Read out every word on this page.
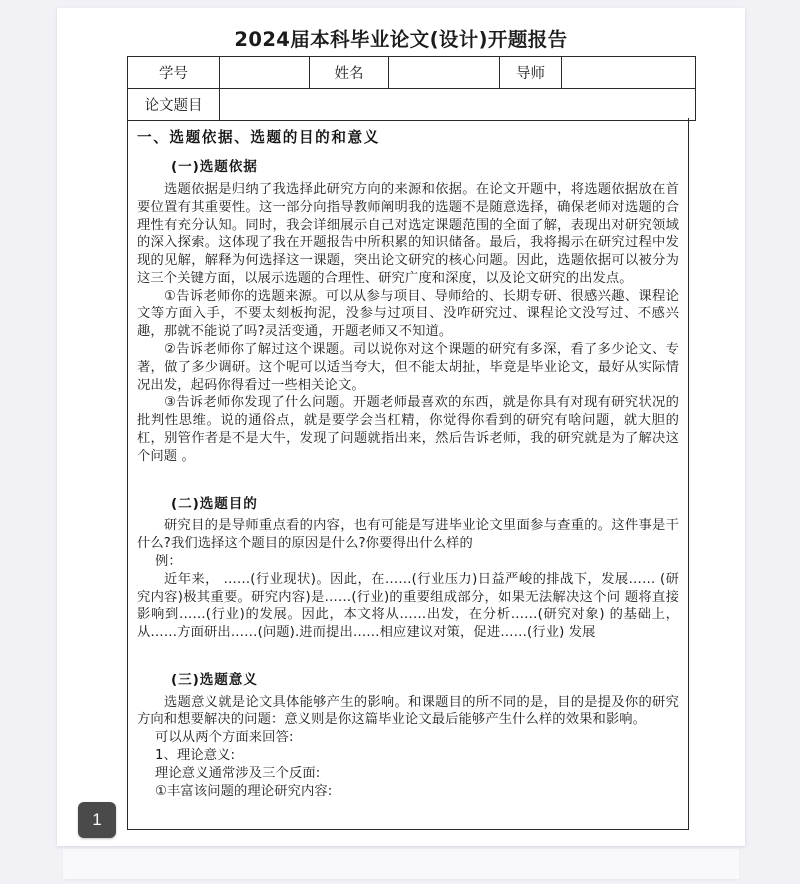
2024届本科毕业论文(设计)开题报告
学号		姓名		导师	
论文题目					
一、选题依据、选题的目的和意义
(一)选题依据

选题依据是归纳了我选择此研究方向的来源和依据。在论文开题中，将选题依据放在首要位置有其重要性。这一部分向指导教师阐明我的选题不是随意选择，确保老师对选题的合理性有充分认知。同时，我会详细展示自己对选定课题范围的全面了解，表现出对研究领域的深入探索。这体现了我在开题报告中所积累的知识储备。最后，我将揭示在研究过程中发现的见解，解释为何选择这一课题，突出论文研究的核心问题。因此，选题依据可以被分为这三个关键方面，以展示选题的合理性、研究广度和深度，以及论文研究的出发点。

①告诉老师你的选题来源。可以从参与项目、导师给的、长期专研、很感兴趣、课程论文等方面入手，不要太刻板拘泥，没参与过项目、没咋研究过、课程论文没写过、不感兴趣，那就不能说了吗?灵活变通，开题老师又不知道。

②告诉老师你了解过这个课题。司以说你对这个课题的研究有多深，看了多少论文、专著，做了多少调研。这个呢可以适当夸大，但不能太胡扯，毕竟是毕业论文，最好从实际情况出发，起码你得看过一些相关论文。

③告诉老师你发现了什么问题。开题老师最喜欢的东西，就是你具有对现有研究状况的批判性思维。说的通俗点，就是要学会当杠精，你觉得你看到的研究有啥问题，就大胆的杠，别管作者是不是大牛，发现了问题就指出来，然后告诉老师，我的研究就是为了解决这个问题 。

(二)选题目的

研究目的是导师重点看的内容，也有可能是写进毕业论文里面参与查重的。这件事是干什么?我们选择这个题目的原因是什么?你要得出什么样的

例：

近年来， ……(行业现状)。因此，在……(行业压力)日益严峻的排战下，发展…… (研究内容)极其重要。研究内容)是……(行业)的重要组成部分，如果无法解决这个问 题将直接影响到……(行业)的发展。因此，本文将从……出发，在分析……(研究对象) 的基础上，从……方面研出……(问题).进而提出……相应建议对策，促进……(行业) 发展

(三)选题意义

选题意义就是论文具体能够产生的影响。和课题目的所不同的是，目的是提及你的研究方向和想要解决的问题：意义则是你这篇毕业论文最后能够产生什么样的效果和影响。

可以从两个方面来回答:

1、理论意义:

理论意义通常涉及三个反面:

①丰富该问题的理论研究内容:

1
